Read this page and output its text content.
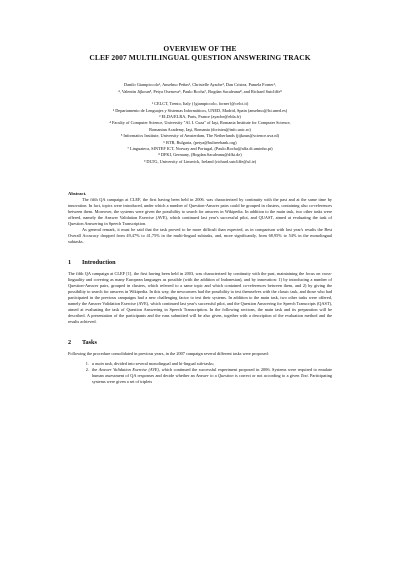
OVERVIEW OF THE
CLEF 2007 MULTILINGUAL QUESTION ANSWERING TRACK
Danilo Giampiccolo¹, Anselmo Peñas², Christelle Ayache³, Dan Cristea, Pamela Forner¹,
⁴, Valentin Jijkoun⁵, Petya Osenova⁶, Paulo Rocha⁷, Bogdan Sacaleanu⁸, and Richard Sutcliffe⁹
¹ CELCT, Trento, Italy ({giampiccolo, forner}@celct.it)
² Departamento de Lenguajes y Sistemas Informáticos, UNED, Madrid, Spain (anselmo@lsi.uned.es)
³ ELDA/ELRA, Paris, France (ayache@elda.fr)
⁴ Faculty of Computer Science, University "Al. I. Cuza" of Iaşi, Romania Institute for Computer Science,
Romanian Academy, Iaşi, Romania (dcristea@info.uaic.ro)
⁵ Informatics Institute, University of Amsterdam, The Netherlands (jijkoun@science.uva.nl)
⁶ BTB, Bulgaria, (petya@bultreebank.org)
⁷ Linguateca, SINTEF ICT, Norway and Portugal, (Paulo.Rocha@alfa.di.uminho.pt)
⁸ DFKI, Germany, (Bogdan.Sacaleanu@dfki.de)
⁹ DLTG, University of Limerick, Ireland (richard.sutcliffe@ul.ie)
Abstract.

The fifth QA campaign at CLEF, the first having been held in 2006. was characterized by continuity with the past and at the same time by innovation. In fact, topics were introduced, under which a number of Question-Answer pairs could be grouped in clusters, containing also co-references between them. Moreover, the systems were given the possibility to search for answers in Wikipedia. In addition to the main task, two other tasks were offered, namely the Answer Validation Exercise (AVE), which continued last year's successful pilot, and QUAST, aimed at evaluating the task of Question Answering in Speech Transcription.

As general remark, it must be said that the task proved to be more difficult than expected, as in comparison with last year's results the Best Overall Accuracy dropped from 49,47% to 41,75% in the multi-lingual subtasks, and, more significantly, from 68,95% to 54% in the monolingual subtasks.

1 Introduction

The fifth QA campaign at CLEF [1], the first having been held in 2003, was characterized by continuity with the past, maintaining the focus on cross-linguality and covering as many European languages as possible (with the addition of Indonesian), and by innovation: 1) by introducing a number of Question-Answer pairs, grouped in clusters, which referred to a same topic and which contained co-references between them, and 2) by giving the possibility to search for answers in Wikipedia. In this way, the newcomers had the possibility to test themselves with the classic task, and those who had participated in the previous campaigns had a new challenging factor to test their systems. In addition to the main task, two other tasks were offered, namely the Answer Validation Exercise (AVE), which continued last year's successful pilot, and the Question Answering for Speech Transcripts (QAST), aimed at evaluating the task of Question Answering in Speech Transcription. In the following sections, the main task and its preparation will be described. A presentation of the participants and the runs submitted will be also given, together with a description of the evaluation method and the results achieved.

2 Tasks

Following the procedure consolidated in previous years, in the 2007 campaign several different tasks were proposed:

1. a main task, divided into several monolingual and bi-lingual sub-tasks;
2. the Answer Validation Exercise (AVE), which continued the successful experiment proposed in 2006. Systems were required to emulate human assessment of QA responses and decide whether an Answer to a Question is correct or not according to a given Text. Participating systems were given a set of triplets
